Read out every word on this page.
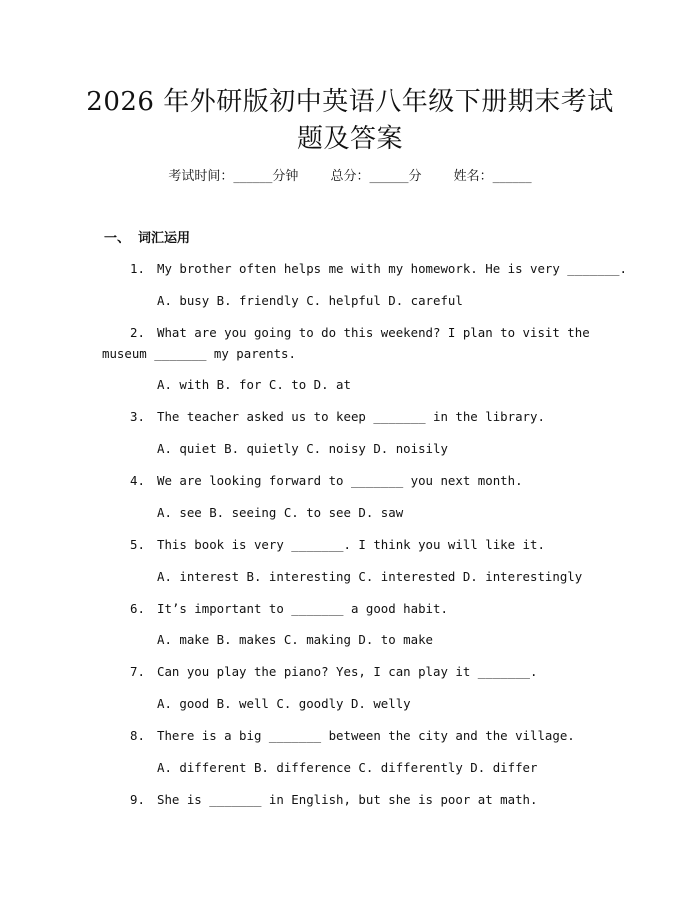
2026 年外研版初中英语八年级下册期末考试
题及答案
考试时间：______分钟 总分：______分 姓名：______
一、 词汇运用
1. My brother often helps me with my homework. He is very _______.
A. busy B. friendly C. helpful D. careful
2. What are you going to do this weekend? I plan to visit the
museum _______ my parents.
A. with B. for C. to D. at
3. The teacher asked us to keep _______ in the library.
A. quiet B. quietly C. noisy D. noisily
4. We are looking forward to _______ you next month.
A. see B. seeing C. to see D. saw
5. This book is very _______. I think you will like it.
A. interest B. interesting C. interested D. interestingly
6. It’s important to _______ a good habit.
A. make B. makes C. making D. to make
7. Can you play the piano? Yes, I can play it _______.
A. good B. well C. goodly D. welly
8. There is a big _______ between the city and the village.
A. different B. difference C. differently D. differ
9. She is _______ in English, but she is poor at math.
